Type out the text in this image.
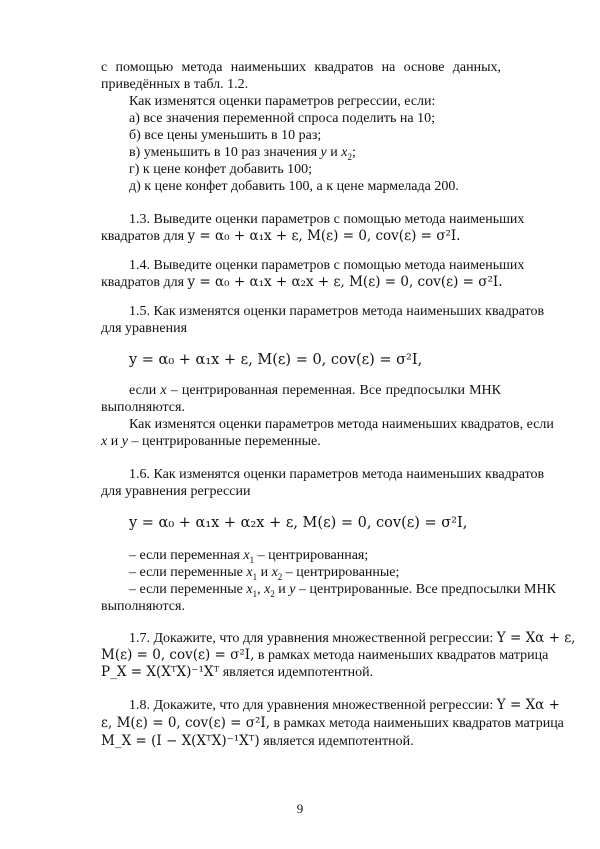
с помощью метода наименьших квадратов на основе данных,

приведённых в табл. 1.2.

Как изменятся оценки параметров регрессии, если:

а) все значения переменной спроса поделить на 10;

б) все цены уменьшить в 10 раз;

в) уменьшить в 10 раз значения y и $x_2$;

г) к цене конфет добавить 100;

д) к цене конфет добавить 100, а к цене мармелада 200.

1.3. Выведите оценки параметров с помощью метода наименьших

квадратов для y = α₀ + α₁x + ε, M(ε) = 0, cov(ε) = σ²I.

1.4. Выведите оценки параметров с помощью метода наименьших

квадратов для y = α₀ + α₁x + α₂x + ε, M(ε) = 0, cov(ε) = σ²I.

1.5. Как изменятся оценки параметров метода наименьших квадратов

для уравнения

y = α₀ + α₁x + ε, M(ε) = 0, cov(ε) = σ²I,

если x – центрированная переменная. Все предпосылки МНК

выполняются.

Как изменятся оценки параметров метода наименьших квадратов, если

x и y – центрированные переменные.

1.6. Как изменятся оценки параметров метода наименьших квадратов

для уравнения регрессии

y = α₀ + α₁x + α₂x + ε, M(ε) = 0, cov(ε) = σ²I,

– если переменная $x_1$ – центрированная;

– если переменные $x_1$ и $x_2$ – центрированные;

– если переменные $x_1$, $x_2$ и y – центрированные. Все предпосылки МНК

выполняются.

1.7. Докажите, что для уравнения множественной регрессии: Y = Xα + ε,

M(ε) = 0, cov(ε) = σ²I, в рамках метода наименьших квадратов матрица

P_X = X(XᵀX)⁻¹Xᵀ является идемпотентной.

1.8. Докажите, что для уравнения множественной регрессии: Y = Xα +

ε, M(ε) = 0, cov(ε) = σ²I, в рамках метода наименьших квадратов матрица

M_X = (I − X(XᵀX)⁻¹Xᵀ) является идемпотентной.

9
